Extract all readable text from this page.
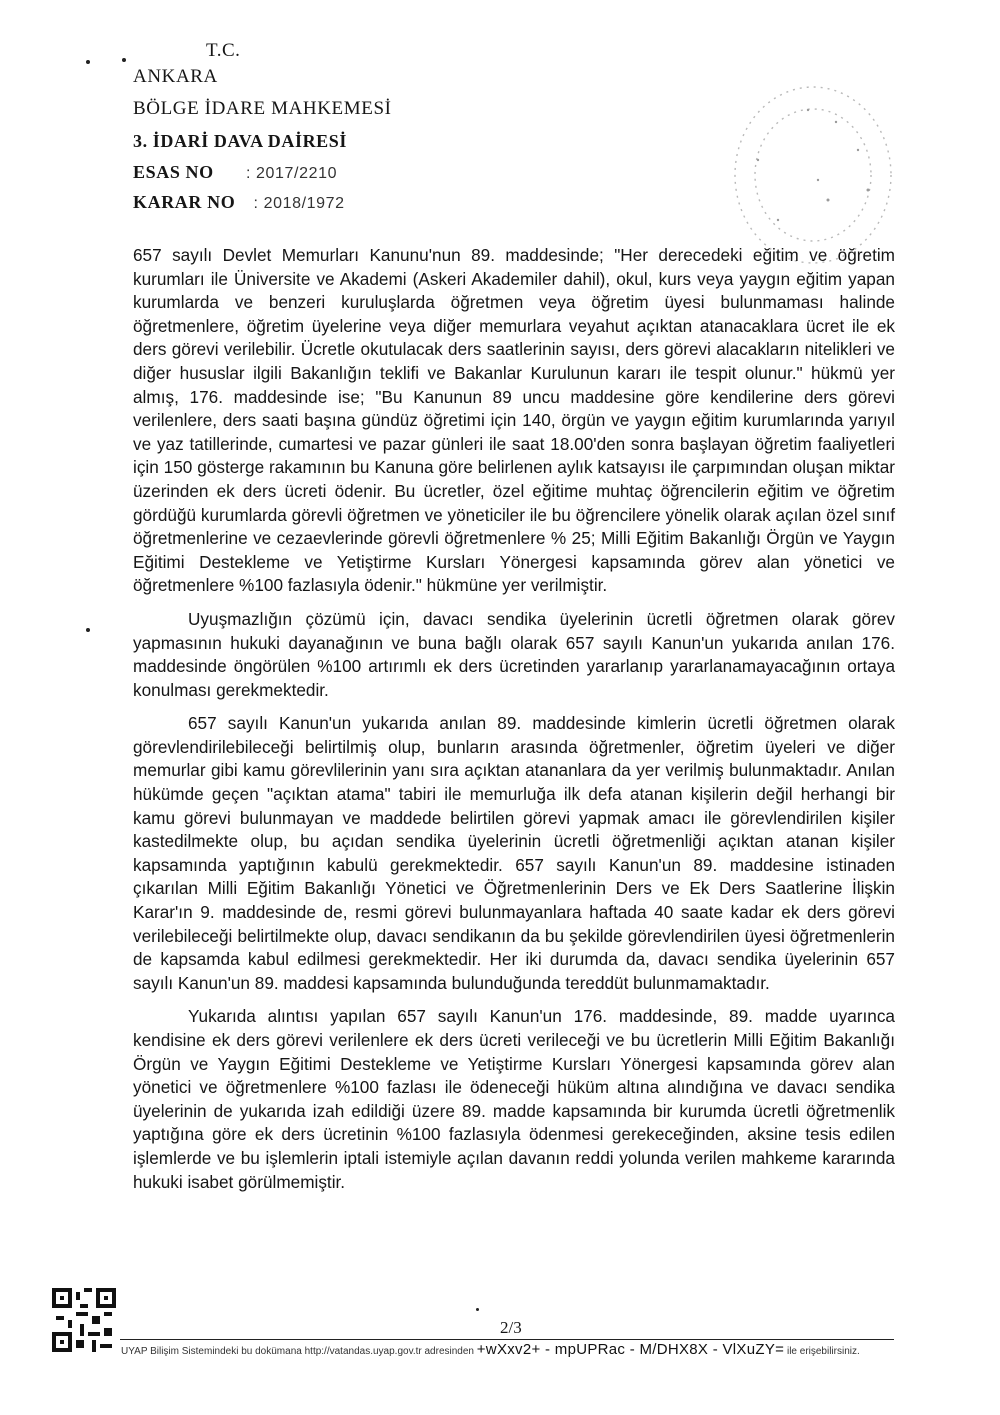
T.C.
ANKARA
BÖLGE İDARE MAHKEMESİ
3. İDARİ DAVA DAİRESİ
ESAS NO : 2017/2210
KARAR NO : 2018/1972

657 sayılı Devlet Memurları Kanunu'nun 89. maddesinde; "Her derecedeki eğitim ve öğretim kurumları ile Üniversite ve Akademi (Askeri Akademiler dahil), okul, kurs veya yaygın eğitim yapan kurumlarda ve benzeri kuruluşlarda öğretmen veya öğretim üyesi bulunmaması halinde öğretmenlere, öğretim üyelerine veya diğer memurlara veyahut açıktan atanacaklara ücret ile ek ders görevi verilebilir. Ücretle okutulacak ders saatlerinin sayısı, ders görevi alacakların nitelikleri ve diğer hususlar ilgili Bakanlığın teklifi ve Bakanlar Kurulunun kararı ile tespit olunur." hükmü yer almış, 176. maddesinde ise; "Bu Kanunun 89 uncu maddesine göre kendilerine ders görevi verilenlere, ders saati başına gündüz öğretimi için 140, örgün ve yaygın eğitim kurumlarında yarıyıl ve yaz tatillerinde, cumartesi ve pazar günleri ile saat 18.00'den sonra başlayan öğretim faaliyetleri için 150 gösterge rakamının bu Kanuna göre belirlenen aylık katsayısı ile çarpımından oluşan miktar üzerinden ek ders ücreti ödenir. Bu ücretler, özel eğitime muhtaç öğrencilerin eğitim ve öğretim gördüğü kurumlarda görevli öğretmen ve yöneticiler ile bu öğrencilere yönelik olarak açılan özel sınıf öğretmenlerine ve cezaevlerinde görevli öğretmenlere % 25; Milli Eğitim Bakanlığı Örgün ve Yaygın Eğitimi Destekleme ve Yetiştirme Kursları Yönergesi kapsamında görev alan yönetici ve öğretmenlere %100 fazlasıyla ödenir." hükmüne yer verilmiştir.

Uyuşmazlığın çözümü için, davacı sendika üyelerinin ücretli öğretmen olarak görev yapmasının hukuki dayanağının ve buna bağlı olarak 657 sayılı Kanun'un yukarıda anılan 176. maddesinde öngörülen %100 artırımlı ek ders ücretinden yararlanıp yararlanamayacağının ortaya konulması gerekmektedir.

657 sayılı Kanun'un yukarıda anılan 89. maddesinde kimlerin ücretli öğretmen olarak görevlendirilebileceği belirtilmiş olup, bunların arasında öğretmenler, öğretim üyeleri ve diğer memurlar gibi kamu görevlilerinin yanı sıra açıktan atananlara da yer verilmiş bulunmaktadır. Anılan hükümde geçen "açıktan atama" tabiri ile memurluğa ilk defa atanan kişilerin değil herhangi bir kamu görevi bulunmayan ve maddede belirtilen görevi yapmak amacı ile görevlendirilen kişiler kastedilmekte olup, bu açıdan sendika üyelerinin ücretli öğretmenliği açıktan atanan kişiler kapsamında yaptığının kabulü gerekmektedir. 657 sayılı Kanun'un 89. maddesine istinaden çıkarılan Milli Eğitim Bakanlığı Yönetici ve Öğretmenlerinin Ders ve Ek Ders Saatlerine İlişkin Karar'ın 9. maddesinde de, resmi görevi bulunmayanlara haftada 40 saate kadar ek ders görevi verilebileceği belirtilmekte olup, davacı sendikanın da bu şekilde görevlendirilen üyesi öğretmenlerin de kapsamda kabul edilmesi gerekmektedir. Her iki durumda da, davacı sendika üyelerinin 657 sayılı Kanun'un 89. maddesi kapsamında bulunduğunda tereddüt bulunmamaktadır.

Yukarıda alıntısı yapılan 657 sayılı Kanun'un 176. maddesinde, 89. madde uyarınca kendisine ek ders görevi verilenlere ek ders ücreti verileceği ve bu ücretlerin Milli Eğitim Bakanlığı Örgün ve Yaygın Eğitimi Destekleme ve Yetiştirme Kursları Yönergesi kapsamında görev alan yönetici ve öğretmenlere %100 fazlası ile ödeneceği hüküm altına alındığına ve davacı sendika üyelerinin de yukarıda izah edildiği üzere 89. madde kapsamında bir kurumda ücretli öğretmenlik yaptığına göre ek ders ücretinin %100 fazlasıyla ödenmesi gerekeceğinden, aksine tesis edilen işlemlerde ve bu işlemlerin iptali istemiyle açılan davanın reddi yolunda verilen mahkeme kararında hukuki isabet görülmemiştir.

2/3
UYAP Bilişim Sistemindeki bu dokümana http://vatandas.uyap.gov.tr adresinden +wXxv2+ - mpUPRac - M/DHX8X - VlXuZY= ile erişebilirsiniz.
